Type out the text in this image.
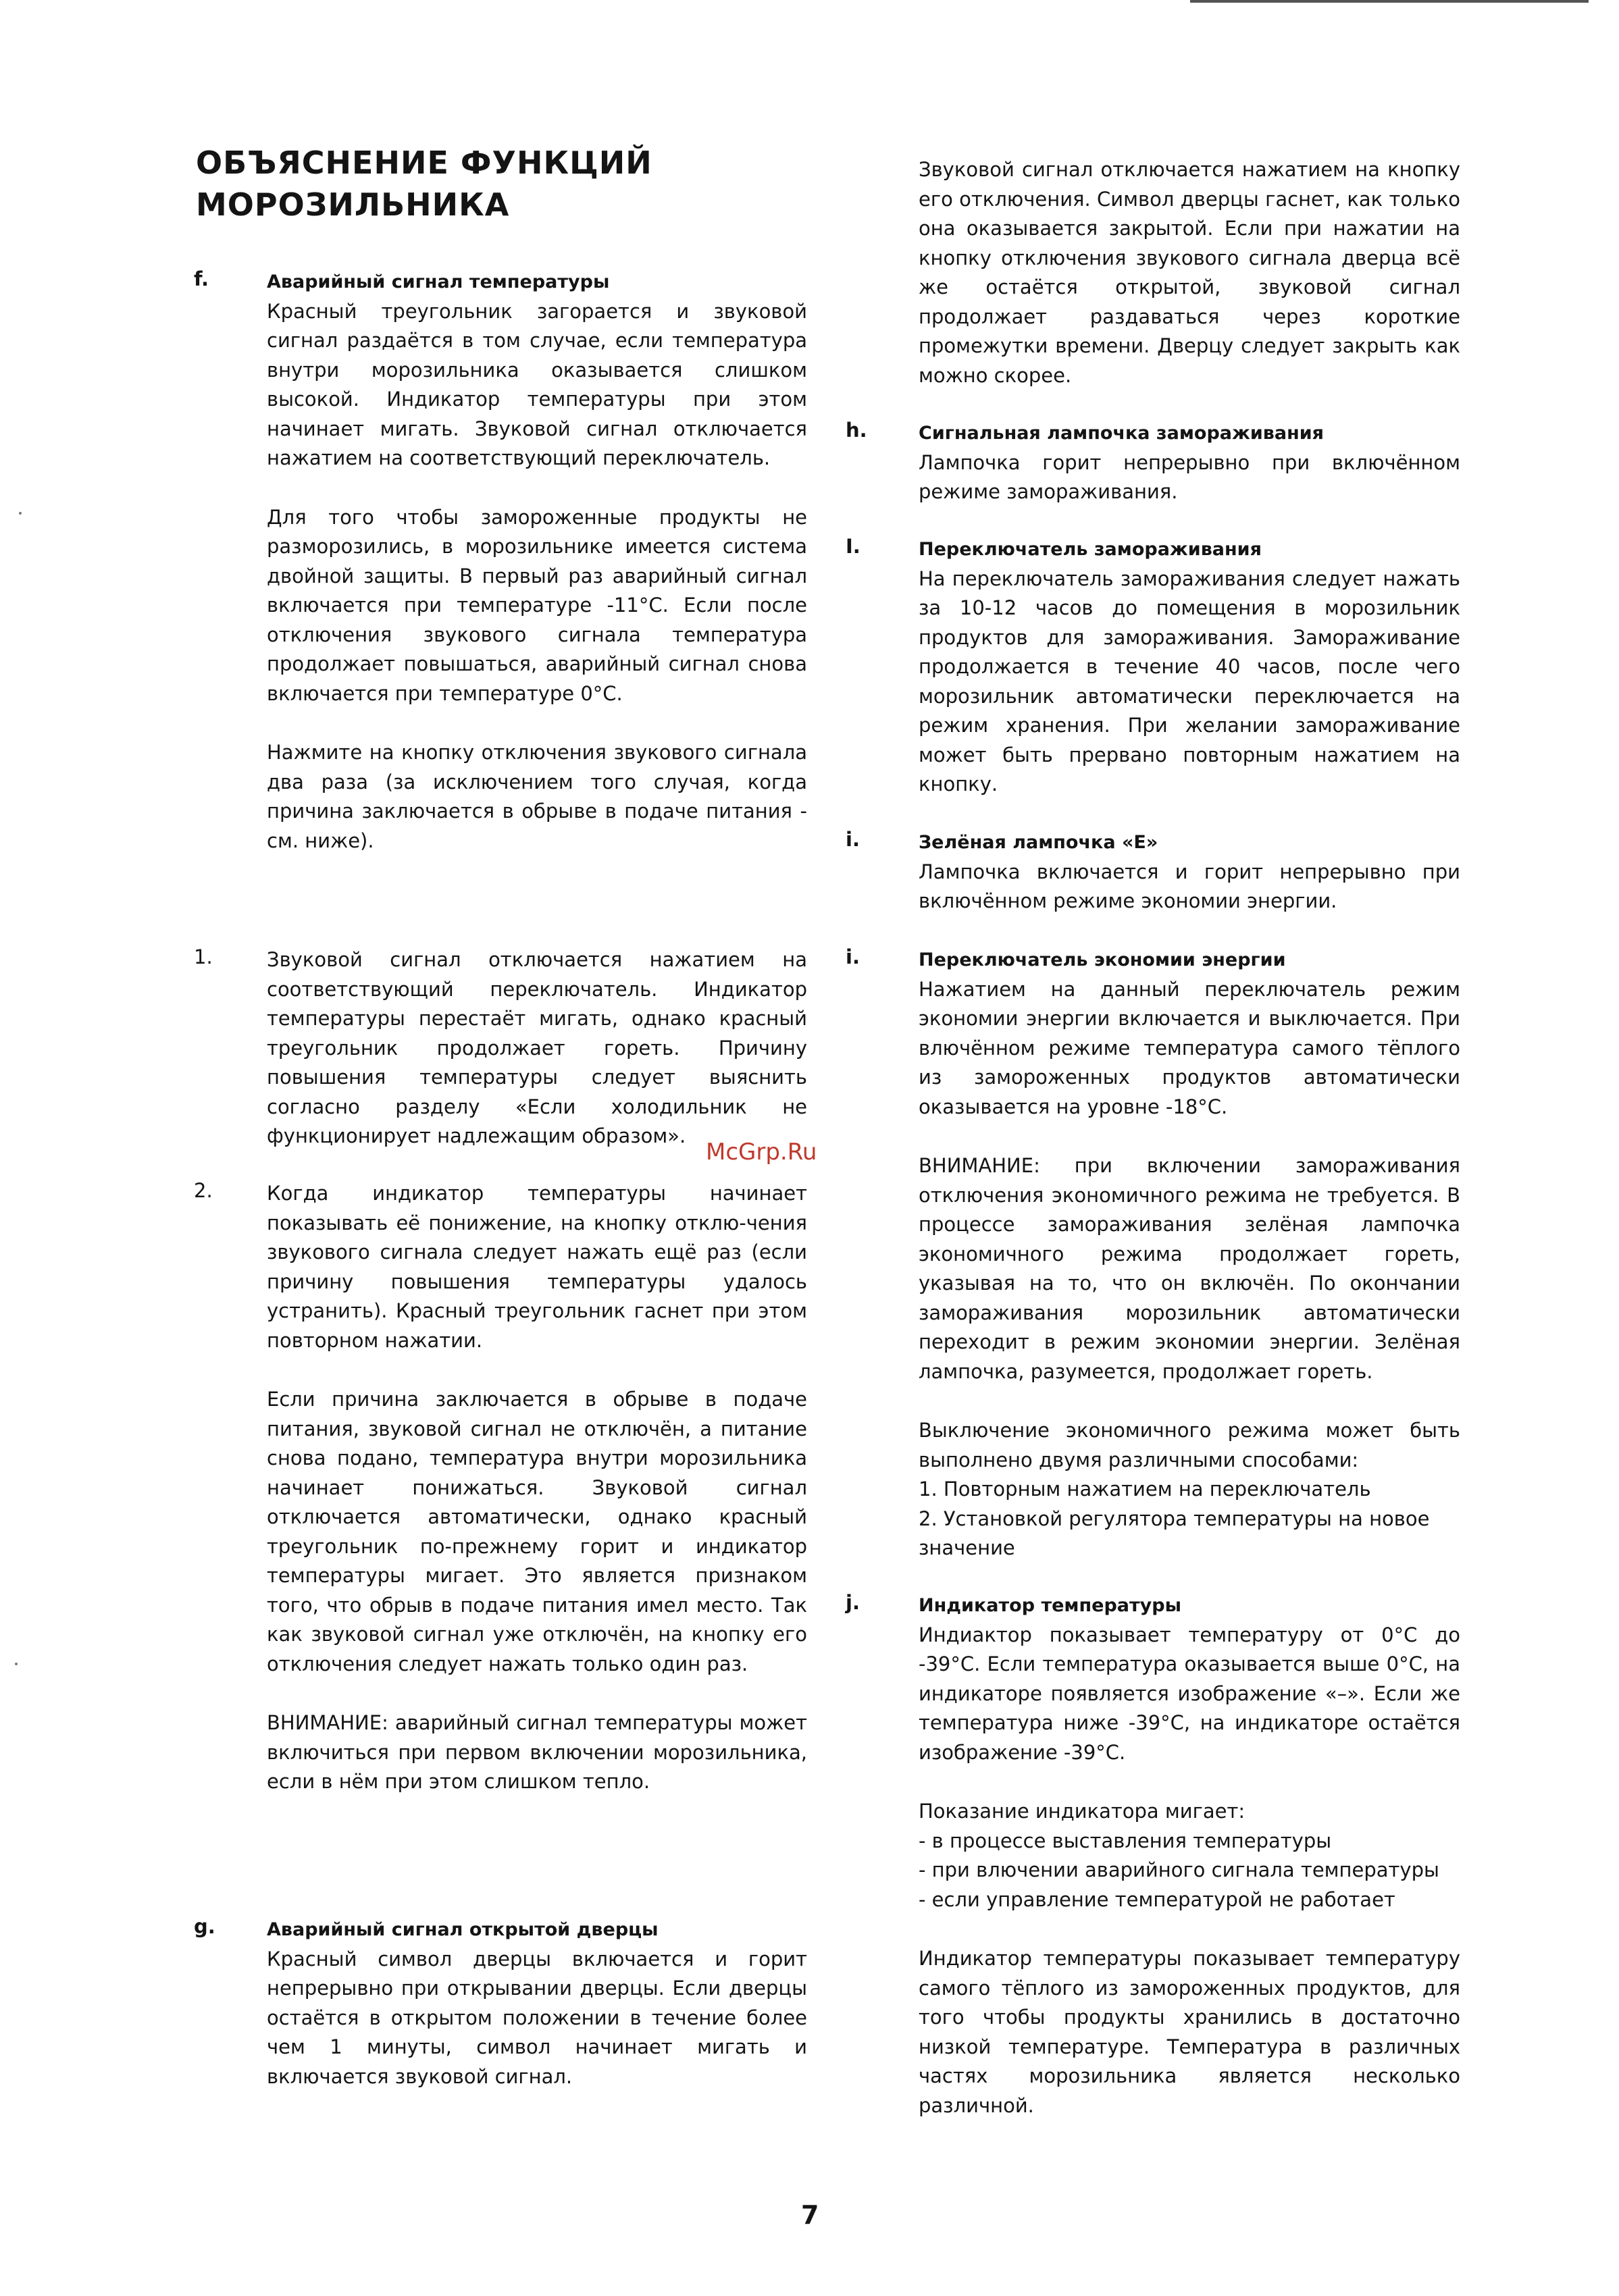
ОБЪЯСНЕНИЕ ФУНКЦИЙ
МОРОЗИЛЬНИКА
f.	Аварийный сигнал температуры

Красный треугольник загорается и звуковой сигнал раздаётся в том случае, если температура внутри морозильника оказывается слишком высокой. Индикатор температуры при этом начинает мигать. Звуковой сигнал отключается нажатием на соответствующий переключатель.

Для того чтобы замороженные продукты не разморозились, в морозильнике имеется система двойной защиты. В первый раз аварийный сигнал включается при температуре -11°С. Если после отключения звукового сигнала температура продолжает повышаться, аварийный сигнал снова включается при температуре 0°С.

Нажмите на кнопку отключения звукового сигнала два раза (за исключением того случая, когда причина заключается в обрыве в подаче питания - см. ниже).

1.	Звуковой сигнал отключается нажатием на соответствующий переключатель. Индикатор температуры перестаёт мигать, однако красный треугольник продолжает гореть. Причину повышения температуры следует выяснить согласно разделу «Если холодильник не функционирует надлежащим образом».

2.	Когда индикатор температуры начинает показывать её понижение, на кнопку отклю-чения звукового сигнала следует нажать ещё раз (если причину повышения температуры удалось устранить). Красный треугольник гаснет при этом повторном нажатии.

Если причина заключается в обрыве в подаче питания, звуковой сигнал не отключён, а питание снова подано, температура внутри морозильника начинает понижаться. Звуковой сигнал отключается автоматически, однако красный треугольник по-прежнему горит и индикатор температуры мигает. Это является признаком того, что обрыв в подаче питания имел место. Так как звуковой сигнал уже отключён, на кнопку его отключения следует нажать только один раз.

ВНИМАНИЕ: аварийный сигнал температуры может включиться при первом включении морозильника, если в нём при этом слишком тепло.

g.	Аварийный сигнал открытой дверцы

Красный символ дверцы включается и горит непрерывно при открывании дверцы. Если дверцы остаётся в открытом положении в течение более чем 1 минуты, символ начинает мигать и включается звуковой сигнал.

Звуковой сигнал отключается нажатием на кнопку его отключения. Символ дверцы гаснет, как только она оказывается закрытой. Если при нажатии на кнопку отключения звукового сигнала дверца всё же остаётся открытой, звуковой сигнал продолжает раздаваться через короткие промежутки времени. Дверцу следует закрыть как можно скорее.

h.	Сигнальная лампочка замораживания

Лампочка горит непрерывно при включённом режиме замораживания.

I.	Переключатель замораживания

На переключатель замораживания следует нажать за 10-12 часов до помещения в морозильник продуктов для замораживания. Замораживание продолжается в течение 40 часов, после чего морозильник автоматически переключается на режим хранения. При желании замораживание может быть прервано повторным нажатием на кнопку.

i.	Зелёная лампочка «Е»

Лампочка включается и горит непрерывно при включённом режиме экономии энергии.

i.	Переключатель экономии энергии

Нажатием на данный переключатель режим экономии энергии включается и выключается. При влючённом режиме температура самого тёплого из замороженных продуктов автоматически оказывается на уровне -18°С.

ВНИМАНИЕ: при включении замораживания отключения экономичного режима не требуется. В процессе замораживания зелёная лампочка экономичного режима продолжает гореть, указывая на то, что он включён. По окончании замораживания морозильник автоматически переходит в режим экономии энергии. Зелёная лампочка, разумеется, продолжает гореть.

Выключение экономичного режима может быть выполнено двумя различными способами:

1. Повторным нажатием на переключатель

2. Установкой регулятора температуры на новое значение

j.	Индикатор температуры

Индиактор показывает температуру от 0°С до -39°С. Если температура оказывается выше 0°С, на индикаторе появляется изображение «–». Если же температура ниже -39°С, на индикаторе остаётся изображение -39°С.

Показание индикатора мигает:

- в процессе выставления температуры

- при влючении аварийного сигнала температуры

- если управление температурой не работает

Индикатор температуры показывает температуру самого тёплого из замороженных продуктов, для того чтобы продукты хранились в достаточно низкой температуре. Температура в различных частях морозильника является несколько различной.

McGrp.Ru
7
